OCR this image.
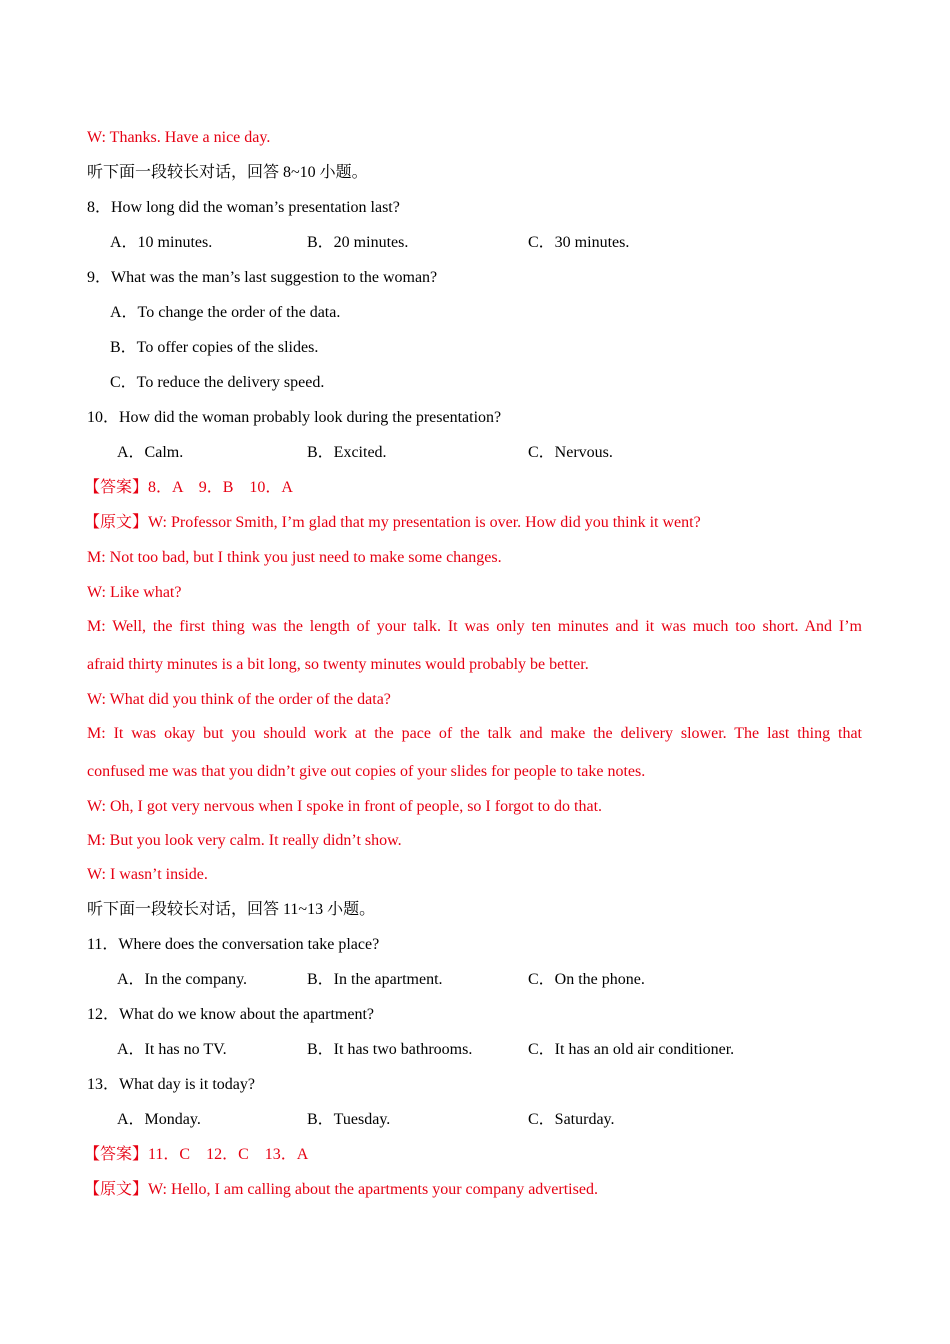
W: Thanks. Have a nice day.
听下面一段较长对话，回答 8~10 小题。
8．How long did the woman’s presentation last?
A．10 minutes.	B．20 minutes.	C．30 minutes.
9．What was the man’s last suggestion to the woman?
A．To change the order of the data.
B．To offer copies of the slides.
C．To reduce the delivery speed.
10．How did the woman probably look during the presentation?
A．Calm.	B．Excited.	C．Nervous.
【答案】8．A　9．B　10．A
【原文】W: Professor Smith, I’m glad that my presentation is over. How did you think it went?
M: Not too bad, but I think you just need to make some changes.
W: Like what?
M: Well, the first thing was the length of your talk. It was only ten minutes and it was much too short. And I’m
afraid thirty minutes is a bit long, so twenty minutes would probably be better.
W: What did you think of the order of the data?
M: It was okay but you should work at the pace of the talk and make the delivery slower. The last thing that
confused me was that you didn’t give out copies of your slides for people to take notes.
W: Oh, I got very nervous when I spoke in front of people, so I forgot to do that.
M: But you look very calm. It really didn’t show.
W: I wasn’t inside.
听下面一段较长对话，回答 11~13 小题。
11．Where does the conversation take place?
A．In the company.	B．In the apartment.	C．On the phone.
12．What do we know about the apartment?
A．It has no TV.	B．It has two bathrooms.	C．It has an old air conditioner.
13．What day is it today?
A．Monday.	B．Tuesday.	C．Saturday.
【答案】11．C　12．C　13．A
【原文】W: Hello, I am calling about the apartments your company advertised.
